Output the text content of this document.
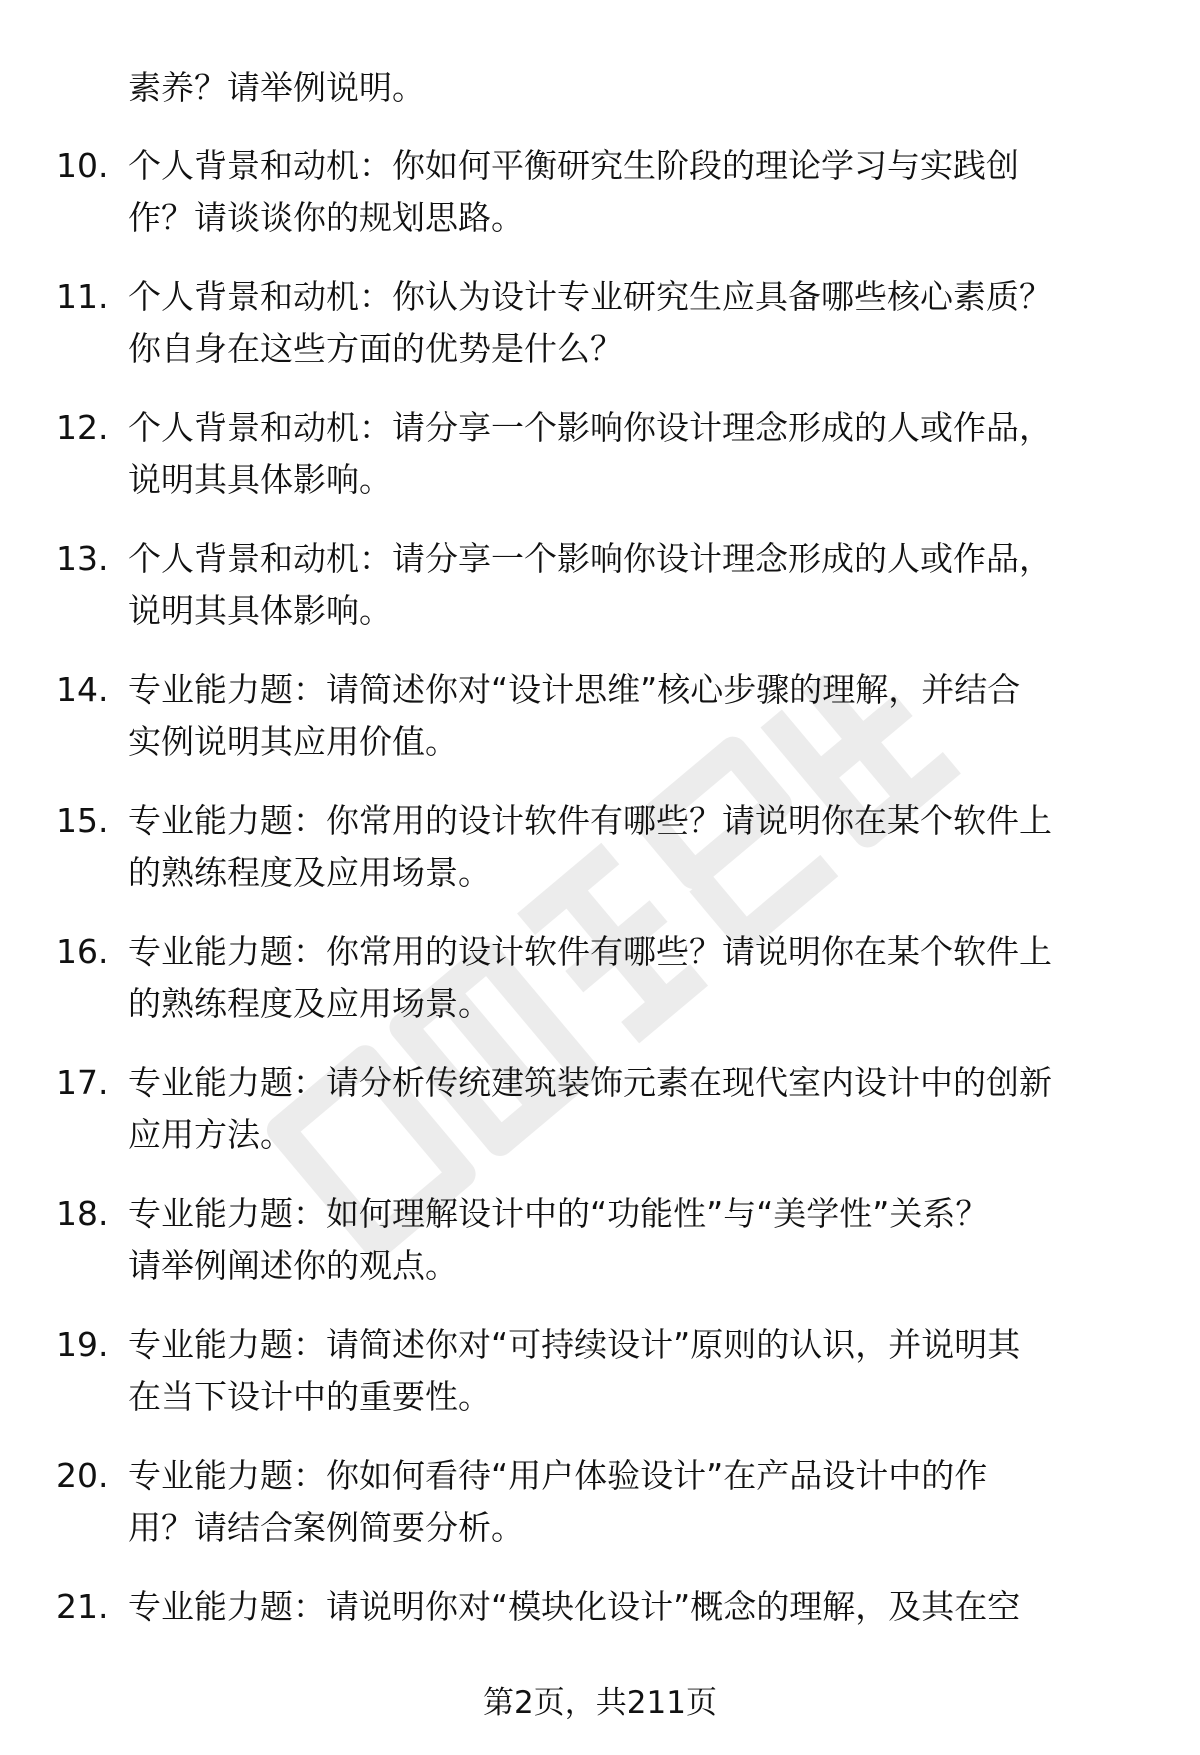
素养？请举例说明。
10. 个人背景和动机：你如何平衡研究生阶段的理论学习与实践创
作？请谈谈你的规划思路。
11. 个人背景和动机：你认为设计专业研究生应具备哪些核心素质？
你自身在这些方面的优势是什么？
12. 个人背景和动机：请分享一个影响你设计理念形成的人或作品，
说明其具体影响。
13. 个人背景和动机：请分享一个影响你设计理念形成的人或作品，
说明其具体影响。
14. 专业能力题：请简述你对“设计思维”核心步骤的理解，并结合
实例说明其应用价值。
15. 专业能力题：你常用的设计软件有哪些？请说明你在某个软件上
的熟练程度及应用场景。
16. 专业能力题：你常用的设计软件有哪些？请说明你在某个软件上
的熟练程度及应用场景。
17. 专业能力题：请分析传统建筑装饰元素在现代室内设计中的创新
应用方法。
18. 专业能力题：如何理解设计中的“功能性”与“美学性”关系？
请举例阐述你的观点。
19. 专业能力题：请简述你对“可持续设计”原则的认识，并说明其
在当下设计中的重要性。
20. 专业能力题：你如何看待“用户体验设计”在产品设计中的作
用？请结合案例简要分析。
21. 专业能力题：请说明你对“模块化设计”概念的理解，及其在空
第2页，共211页
